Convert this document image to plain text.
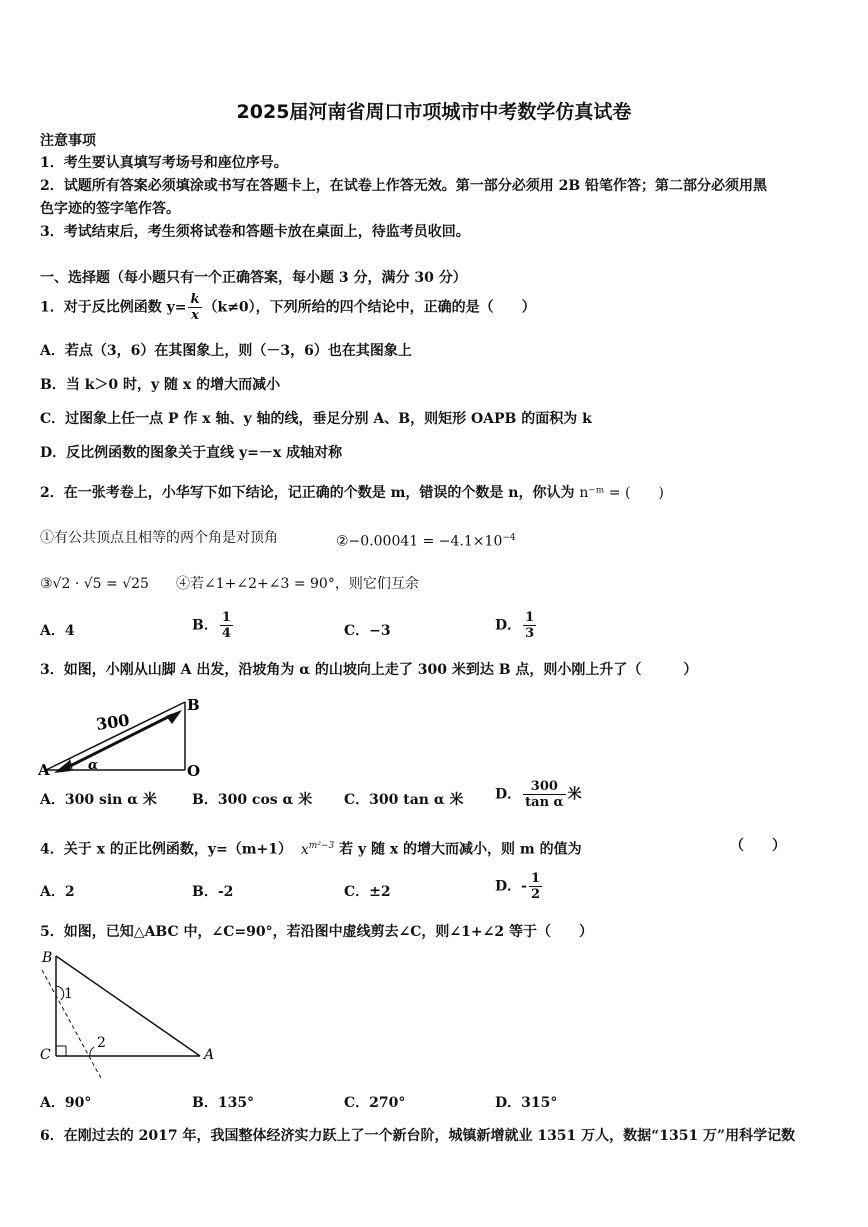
2025届河南省周口市项城市中考数学仿真试卷
注意事项
1．考生要认真填写考场号和座位序号。
2．试题所有答案必须填涂或书写在答题卡上，在试卷上作答无效。第一部分必须用 2B 铅笔作答；第二部分必须用黑
色字迹的签字笔作答。
3．考试结束后，考生须将试卷和答题卡放在桌面上，待监考员收回。
一、选择题（每小题只有一个正确答案，每小题 3 分，满分 30 分）
1．对于反比例函数 $y= \frac{k}{x} (k\ne 0)$，下列所给的四个结论中，正确的是（　　）
A．若点（3，6）在其图象上，则（－3，6）也在其图象上
B．当 k＞0 时，y 随 x 的增大而减小
C．过图象上任一点 P 作 x 轴、y 轴的线，垂足分别 A、B，则矩形 OAPB 的面积为 k
D．反比例函数的图象关于直线 y=－x 成轴对称
2．在一张考卷上，小华写下如下结论，记正确的个数是 m，错误的个数是 n，你认为 n⁻ᵐ = (　　)
①有公共顶点且相等的两个角是对顶角	②−0.00041 = $-4.1\times 10^{-4}$
③√2 · √5 = √25 ④若∠1+∠2+∠3 = 90°，则它们互余
A．4	B． $\frac{1}{4}$	C．−3	D． $\frac{1}{3}$
3．如图，小刚从山脚 A 出发，沿坡角为 α 的山坡向上走了 300 米到达 B 点，则小刚上升了（　　　）
300
A
B
O
α
A．300 sin α 米	B．300 cos α 米 C．300 tan α 米 D． $\frac{300}{\text{tan α}}$ 米
4．关于 x 的正比例函数，y=（m+1） $x^{m^2-3}$ 若 y 随 x 的增大而减小，则 m 的值为	（　　）
A．2	B．-2	C．±2	D．- $\frac{1}{2}$
5．如图，已知△ABC 中，∠C=90°，若沿图中虚线剪去∠C，则∠1+∠2 等于（　　）
B
C	A
1
2
A．90°	B．135°	C．270°	D．315°
6．在刚过去的 2017 年，我国整体经济实力跃上了一个新台阶，城镇新增就业 1351 万人，数据“1351 万”用科学记数
